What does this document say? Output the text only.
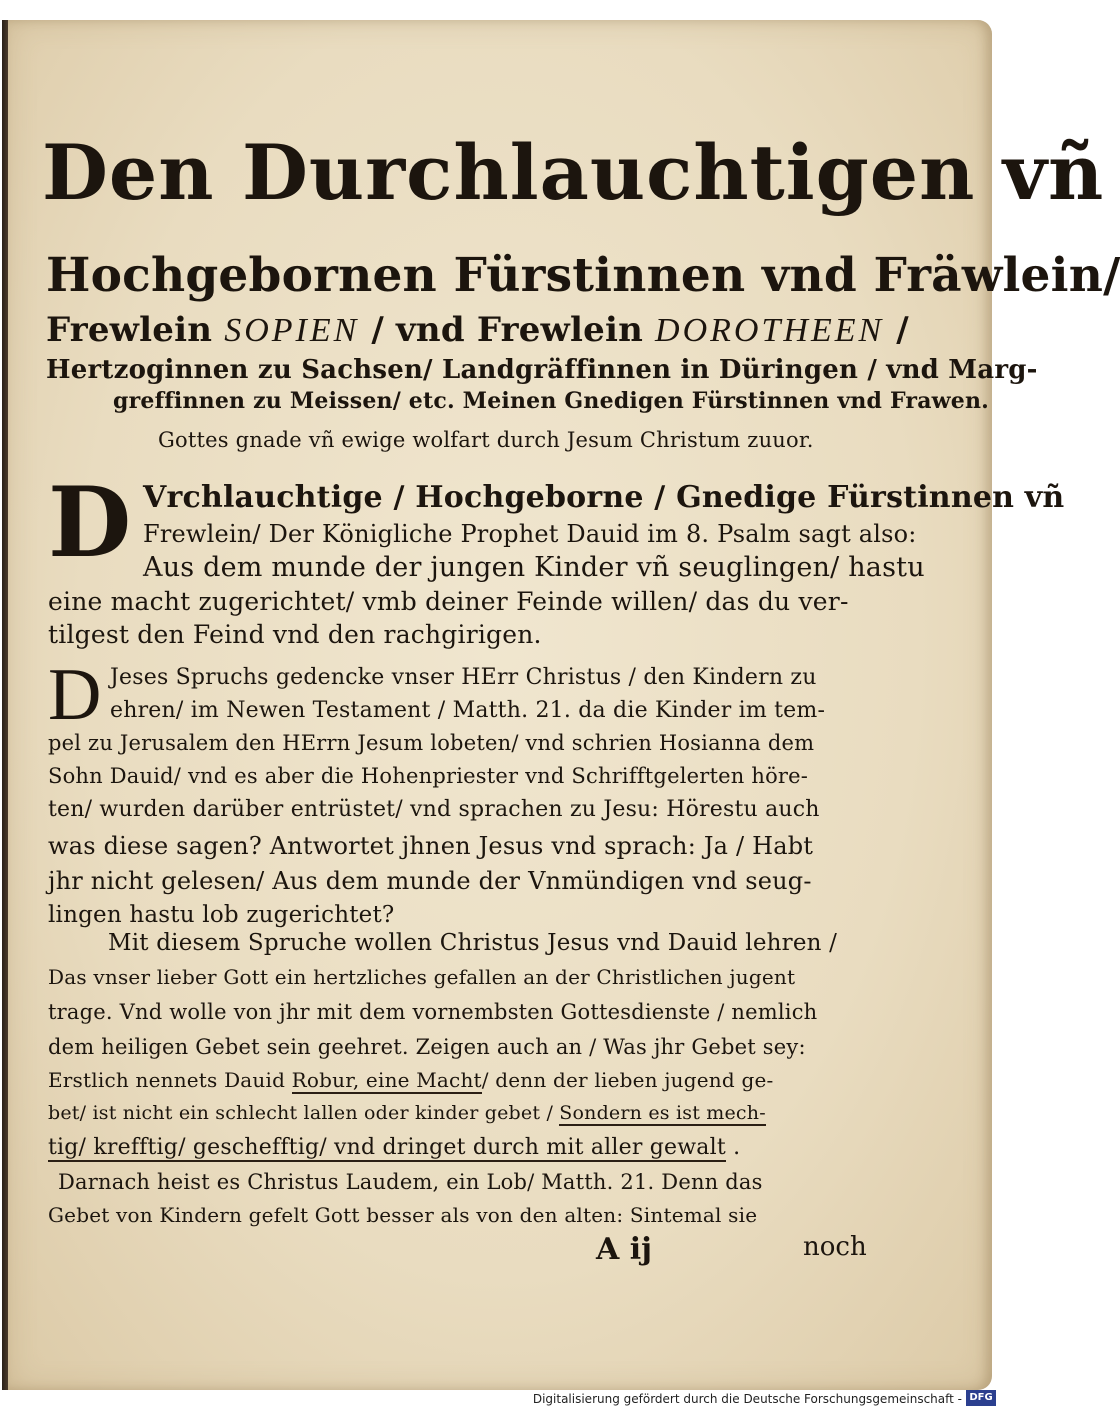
Den Durchlauchtigen vñ
Hochgebornen Fürstinnen vnd Fräwlein/
Frewlein SOPIEN / vnd Frewlein DOROTHEEN /
Hertzoginnen zu Sachsen/ Landgräffinnen in Düringen / vnd Marg-
greffinnen zu Meissen/ etc. Meinen Gnedigen Fürstinnen vnd Frawen.
Gottes gnade vñ ewige wolfart durch Jesum Christum zuuor.
D Vrchlauchtige / Hochgeborne / Gnedige Fürstinnen vñ
Frewlein/ Der Königliche Prophet Dauid im 8. Psalm sagt also:
Aus dem munde der jungen Kinder vñ seuglingen/ hastu
eine macht zugerichtet/ vmb deiner Feinde willen/ das du ver-
tilgest den Feind vnd den rachgirigen.
D Jeses Spruchs gedencke vnser HErr Christus / den Kindern zu
ehren/ im Newen Testament / Matth. 21. da die Kinder im tem-
pel zu Jerusalem den HErrn Jesum lobeten/ vnd schrien Hosianna dem
Sohn Dauid/ vnd es aber die Hohenpriester vnd Schrifftgelerten höre-
ten/ wurden darüber entrüstet/ vnd sprachen zu Jesu: Hörestu auch
was diese sagen? Antwortet jhnen Jesus vnd sprach: Ja / Habt
jhr nicht gelesen/ Aus dem munde der Vnmündigen vnd seug-
lingen hastu lob zugerichtet?
Mit diesem Spruche wollen Christus Jesus vnd Dauid lehren /
Das vnser lieber Gott ein hertzliches gefallen an der Christlichen jugent
trage. Vnd wolle von jhr mit dem vornembsten Gottesdienste / nemlich
dem heiligen Gebet sein geehret. Zeigen auch an / Was jhr Gebet sey:
Erstlich nennets Dauid Robur, eine Macht/ denn der lieben jugend ge-
bet/ ist nicht ein schlecht lallen oder kinder gebet / Sondern es ist mech-
tig/ krefftig/ geschefftig/ vnd dringet durch mit aller gewalt .
Darnach heist es Christus Laudem, ein Lob/ Matth. 21. Denn das
Gebet von Kindern gefelt Gott besser als von den alten: Sintemal sie
A ij	noch
Digitalisierung gefördert durch die Deutsche Forschungsgemeinschaft - DFG
